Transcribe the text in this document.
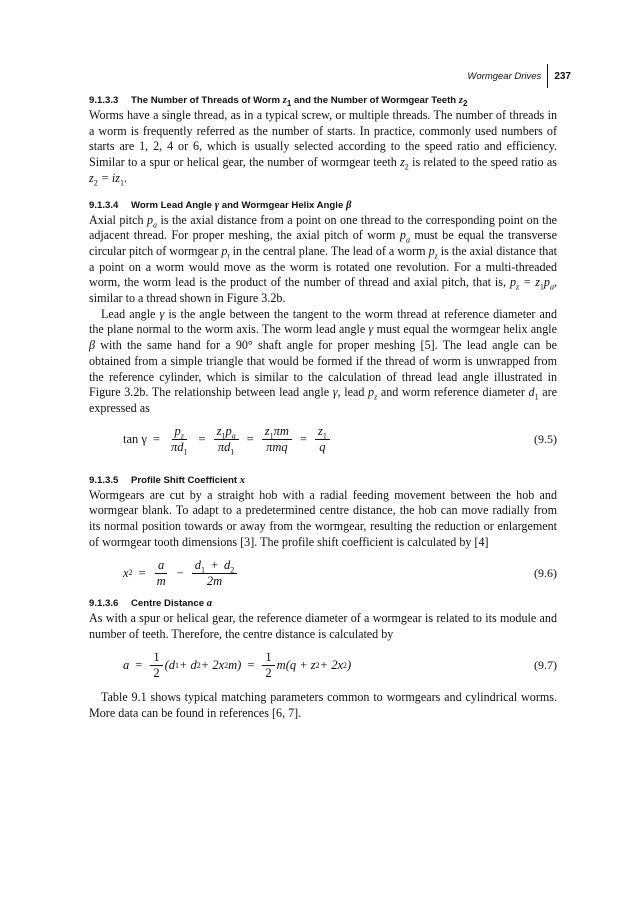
Wormgear Drives 237
9.1.3.3 The Number of Threads of Worm $z_1$ and the Number of Wormgear Teeth $z_2$

Worms have a single thread, as in a typical screw, or multiple threads. The number of threads in a worm is frequently referred as the number of starts. In practice, commonly used numbers of starts are 1, 2, 4 or 6, which is usually selected according to the speed ratio and efficiency. Similar to a spur or helical gear, the number of wormgear teeth $z_2$ is related to the speed ratio as $z_2 = iz_1$.

9.1.3.4 Worm Lead Angle γ and Wormgear Helix Angle β

Axial pitch $p_a$ is the axial distance from a point on one thread to the corresponding point on the adjacent thread. For proper meshing, the axial pitch of worm $p_a$ must be equal the transverse circular pitch of wormgear $p_t$ in the central plane. The lead of a worm $p_z$ is the axial distance that a point on a worm would move as the worm is rotated one revolution. For a multi-threaded worm, the worm lead is the product of the number of thread and axial pitch, that is, $p_z = z_1p_a$, similar to a thread shown in Figure 3.2b.

Lead angle γ is the angle between the tangent to the worm thread at reference diameter and the plane normal to the worm axis. The worm lead angle γ must equal the wormgear helix angle β with the same hand for a 90° shaft angle for proper meshing [5]. The lead angle can be obtained from a simple triangle that would be formed if the thread of worm is unwrapped from the reference cylinder, which is similar to the calculation of thread lead angle illustrated in Figure 3.2b. The relationship between lead angle γ, lead $p_z$ and worm reference diameter $d_1$ are expressed as

$\tan \gamma = \frac{p_z}{\pi d_1} = \frac{z_1p_a}{\pi d_1} = \frac{z_1\pi m}{\text{πmq}} = \frac{z_1}{q}$	(9.5)
9.1.3.5 Profile Shift Coefficient x

Wormgears are cut by a straight hob with a radial feeding movement between the hob and wormgear blank. To adapt to a predetermined centre distance, the hob can move radially from its normal position towards or away from the wormgear, resulting the reduction or enlargement of wormgear tooth dimensions [3]. The profile shift coefficient is calculated by [4]

x $2 = \frac{a}{m} - \frac{d_1 + d_2}{2m}$	(9.6)
9.1.3.6 Centre Distance a

As with a spur or helical gear, the reference diameter of a wormgear is related to its module and number of teeth. Therefore, the centre distance is calculated by

$a = \frac{1}{2} (d$ 1 + d 2 + 2x 2 $m) = \frac{1}{2} m(q + z$ 2 + 2x 2 )	(9.7)

Table 9.1 shows typical matching parameters common to wormgears and cylindrical worms. More data can be found in references [6, 7].
